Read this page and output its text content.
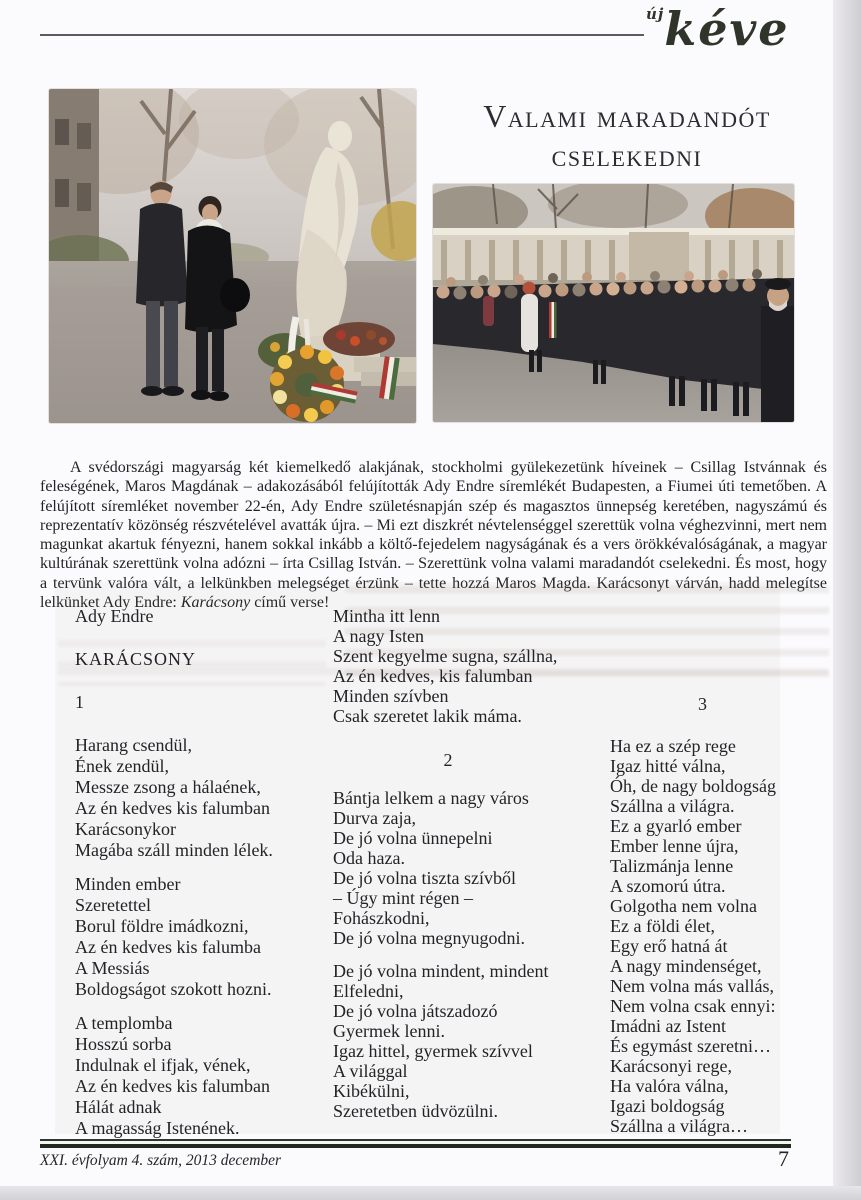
újkéve
Valami maradandót
cselekedni

A svédországi magyarság két kiemelkedő alakjának, stockholmi gyülekezetünk híveinek – Csillag Istvánnak és feleségének, Maros Magdának – adakozásából felújították Ady Endre síremlékét Budapesten, a Fiumei úti temetőben. A felújított síremléket november 22-én, Ady Endre születésnapján szép és magasztos ünnepség keretében, nagyszámú és reprezentatív közönség részvételével avatták újra. – Mi ezt diszkrét névtelenséggel szerettük volna véghezvinni, mert nem magunkat akartuk fényezni, hanem sokkal inkább a költő-fejedelem nagyságának és a vers örökkévalóságának, a magyar kultúrának szerettünk volna adózni – írta Csillag István. – Szerettünk volna valami maradandót cselekedni. És most, hogy a tervünk valóra vált, a lelkünkben melegséget érzünk – tette hozzá Maros Magda. Karácsonyt várván, hadd melegítse lelkünket Ady Endre: Karácsony című verse!

Ady Endre
KARÁCSONY
1
Harang csendül,
Ének zendül,
Messze zsong a hálaének,
Az én kedves kis falumban
Karácsonykor
Magába száll minden lélek.
Minden ember
Szeretettel
Borul földre imádkozni,
Az én kedves kis falumba
A Messiás
Boldogságot szokott hozni.
A templomba
Hosszú sorba
Indulnak el ifjak, vének,
Az én kedves kis falumban
Hálát adnak
A magasság Istenének.
Mintha itt lenn
A nagy Isten
Szent kegyelme sugna, szállna,
Az én kedves, kis falumban
Minden szívben
Csak szeretet lakik máma.
2
Bántja lelkem a nagy város
Durva zaja,
De jó volna ünnepelni
Oda haza.
De jó volna tiszta szívből
– Úgy mint régen –
Fohászkodni,
De jó volna megnyugodni.
De jó volna mindent, mindent
Elfeledni,
De jó volna játszadozó
Gyermek lenni.
Igaz hittel, gyermek szívvel
A világgal
Kibékülni,
Szeretetben üdvözülni.
3
Ha ez a szép rege
Igaz hitté válna,
Óh, de nagy boldogság
Szállna a világra.
Ez a gyarló ember
Ember lenne újra,
Talizmánja lenne
A szomorú útra.
Golgotha nem volna
Ez a földi élet,
Egy erő hatná át
A nagy mindenséget,
Nem volna más vallás,
Nem volna csak ennyi:
Imádni az Istent
És egymást szeretni…
Karácsonyi rege,
Ha valóra válna,
Igazi boldogság
Szállna a világra…
XXI. évfolyam 4. szám, 2013 december	7
